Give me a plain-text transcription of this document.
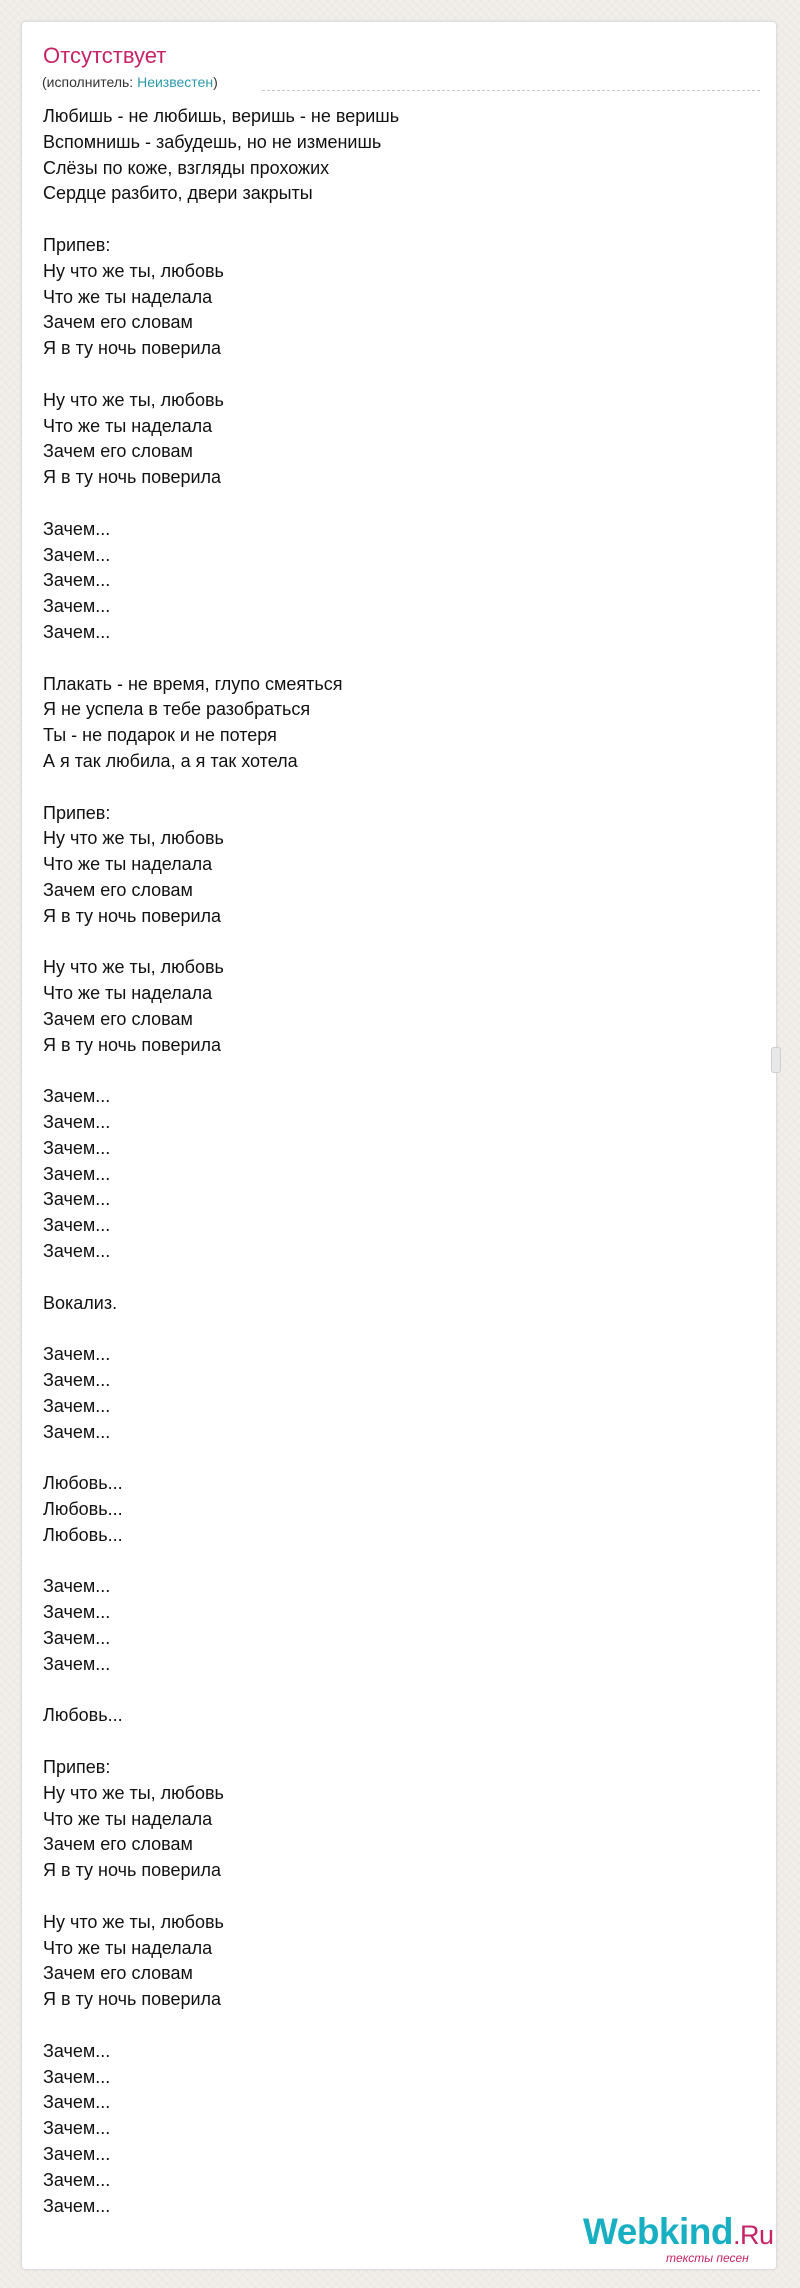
Отсутствует
(исполнитель: Неизвестен)
Любишь - не любишь, веришь - не веришь
Вспомнишь - забудешь, но не изменишь
Слёзы по коже, взгляды прохожих
Сердце разбито, двери закрыты
Припев:
Ну что же ты, любовь
Что же ты наделала
Зачем его словам
Я в ту ночь поверила
Ну что же ты, любовь
Что же ты наделала
Зачем его словам
Я в ту ночь поверила
Зачем...
Зачем...
Зачем...
Зачем...
Зачем...
Плакать - не время, глупо смеяться
Я не успела в тебе разобраться
Ты - не подарок и не потеря
А я так любила, а я так хотела
Припев:
Ну что же ты, любовь
Что же ты наделала
Зачем его словам
Я в ту ночь поверила
Ну что же ты, любовь
Что же ты наделала
Зачем его словам
Я в ту ночь поверила
Зачем...
Зачем...
Зачем...
Зачем...
Зачем...
Зачем...
Зачем...
Вокализ.
Зачем...
Зачем...
Зачем...
Зачем...
Любовь...
Любовь...
Любовь...
Зачем...
Зачем...
Зачем...
Зачем...
Любовь...
Припев:
Ну что же ты, любовь
Что же ты наделала
Зачем его словам
Я в ту ночь поверила
Ну что же ты, любовь
Что же ты наделала
Зачем его словам
Я в ту ночь поверила
Зачем...
Зачем...
Зачем...
Зачем...
Зачем...
Зачем...
Зачем...
Webkind.Ru
тексты песен
